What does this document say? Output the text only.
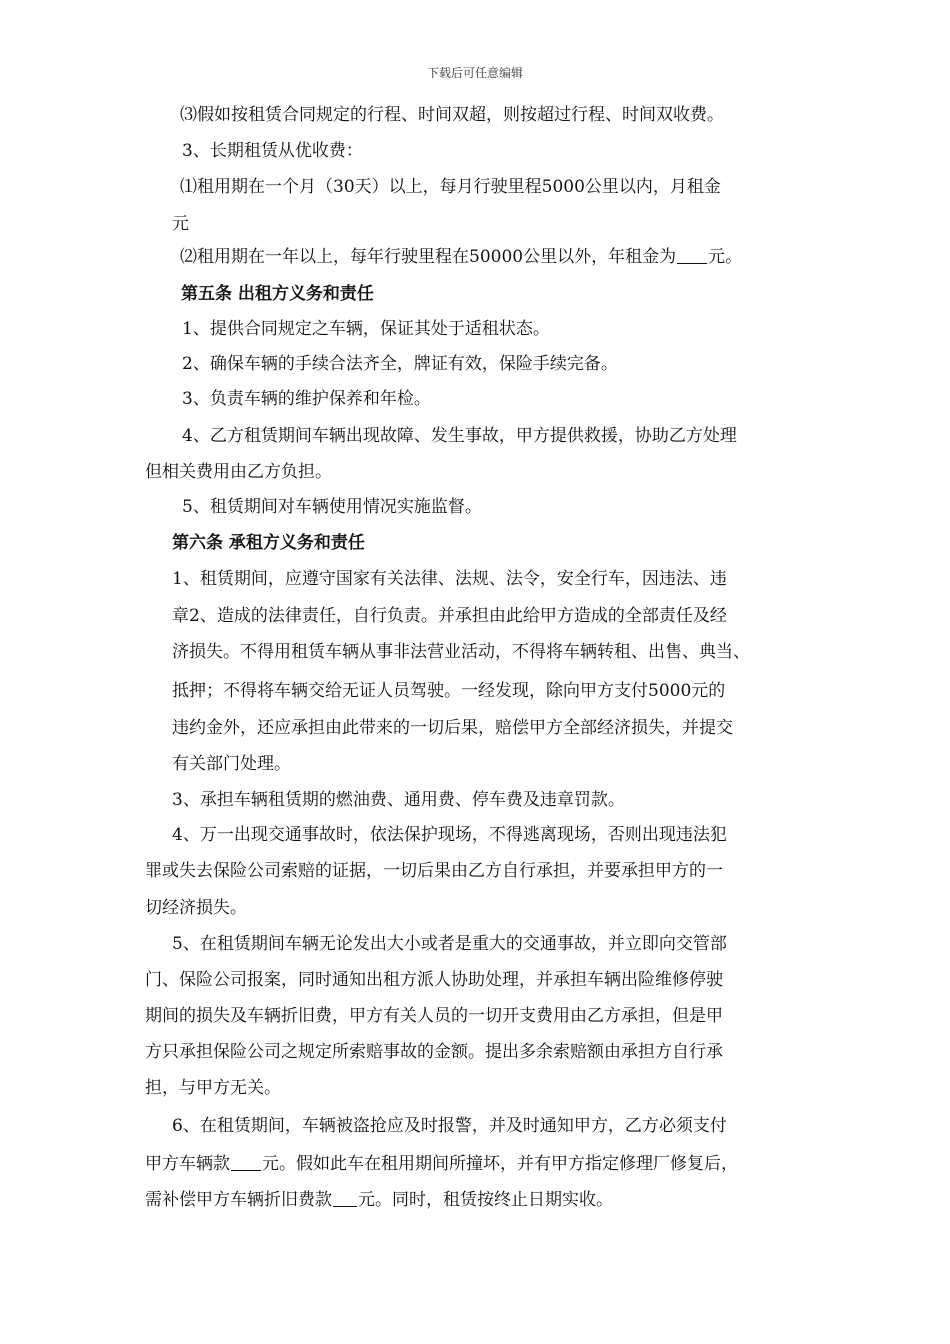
下载后可任意编辑
⑶假如按租赁合同规定的行程、时间双超，则按超过行程、时间双收费。
3、长期租赁从优收费：
⑴租用期在一个月（30天）以上，每月行驶里程5000公里以内，月租金
元
⑵租用期在一年以上，每年行驶里程在50000公里以外，年租金为 元。
第五条 出租方义务和责任
1、提供合同规定之车辆，保证其处于适租状态。
2、确保车辆的手续合法齐全，牌证有效，保险手续完备。
3、负责车辆的维护保养和年检。
4、乙方租赁期间车辆出现故障、发生事故，甲方提供救援，协助乙方处理
但相关费用由乙方负担。
5、租赁期间对车辆使用情况实施监督。
第六条 承租方义务和责任
1、租赁期间，应遵守国家有关法律、法规、法令，安全行车，因违法、违
章2、造成的法律责任，自行负责。并承担由此给甲方造成的全部责任及经
济损失。不得用租赁车辆从事非法营业活动，不得将车辆转租、出售、典当、
抵押；不得将车辆交给无证人员驾驶。一经发现，除向甲方支付5000元的
违约金外，还应承担由此带来的一切后果，赔偿甲方全部经济损失，并提交
有关部门处理。
3、承担车辆租赁期的燃油费、通用费、停车费及违章罚款。
4、万一出现交通事故时，依法保护现场，不得逃离现场，否则出现违法犯
罪或失去保险公司索赔的证据，一切后果由乙方自行承担，并要承担甲方的一
切经济损失。
5、在租赁期间车辆无论发出大小或者是重大的交通事故，并立即向交管部
门、保险公司报案，同时通知出租方派人协助处理，并承担车辆出险维修停驶
期间的损失及车辆折旧费，甲方有关人员的一切开支费用由乙方承担，但是甲
方只承担保险公司之规定所索赔事故的金额。提出多余索赔额由承担方自行承
担，与甲方无关。
6、在租赁期间，车辆被盗抢应及时报警，并及时通知甲方，乙方必须支付
甲方车辆款 元。假如此车在租用期间所撞坏，并有甲方指定修理厂修复后，
需补偿甲方车辆折旧费款 元。同时，租赁按终止日期实收。
